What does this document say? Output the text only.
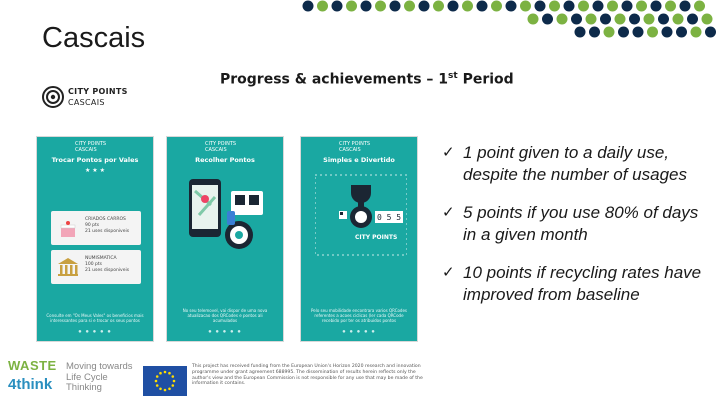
Cascais
Progress & achievements – 1st Period
CITY POINTS
CASCAIS
CITY POINTS
CASCAIS
Trocar Pontos por Vales
★ ★ ★
CRIADOS CARROS
90 pts
21 uses disponiveis
NUMISMATICA
100 pts
21 uses disponiveis
Consulte em "Os Meus Vales" os beneficios mais interessantes para si e trocar os seus pontos
● ● ● ● ●
CITY POINTS
CASCAIS
Recolher Pontos
No seu telemovel, vai dispor de uma nova atualizacao dos QRCodes e pontos ali acumulados
● ● ● ● ●
CITY POINTS
CASCAIS
Simples e Divertido
0 5 5
CITY POINTS
Pelo seu mobilidade encontrara varios QRCodes referentes a acoes ciclicas (ler cada QRCode recebido por ter os atribuidos pontos
● ● ● ● ●
✓ 1 point given to a daily use, despite the number of usages
✓ 5 points if you use 80% of days in a given month
✓ 10 points if recycling rates have improved from baseline
WASTE
4think
Moving towards Life Cycle Thinking
This project has received funding from the European Union's Horizon 2020 research and innovation programme under grant agreement 688995. The dissemination of results herein reflects only the author's view and the European Commission is not responsible for any use that may be made of the information it contains.
